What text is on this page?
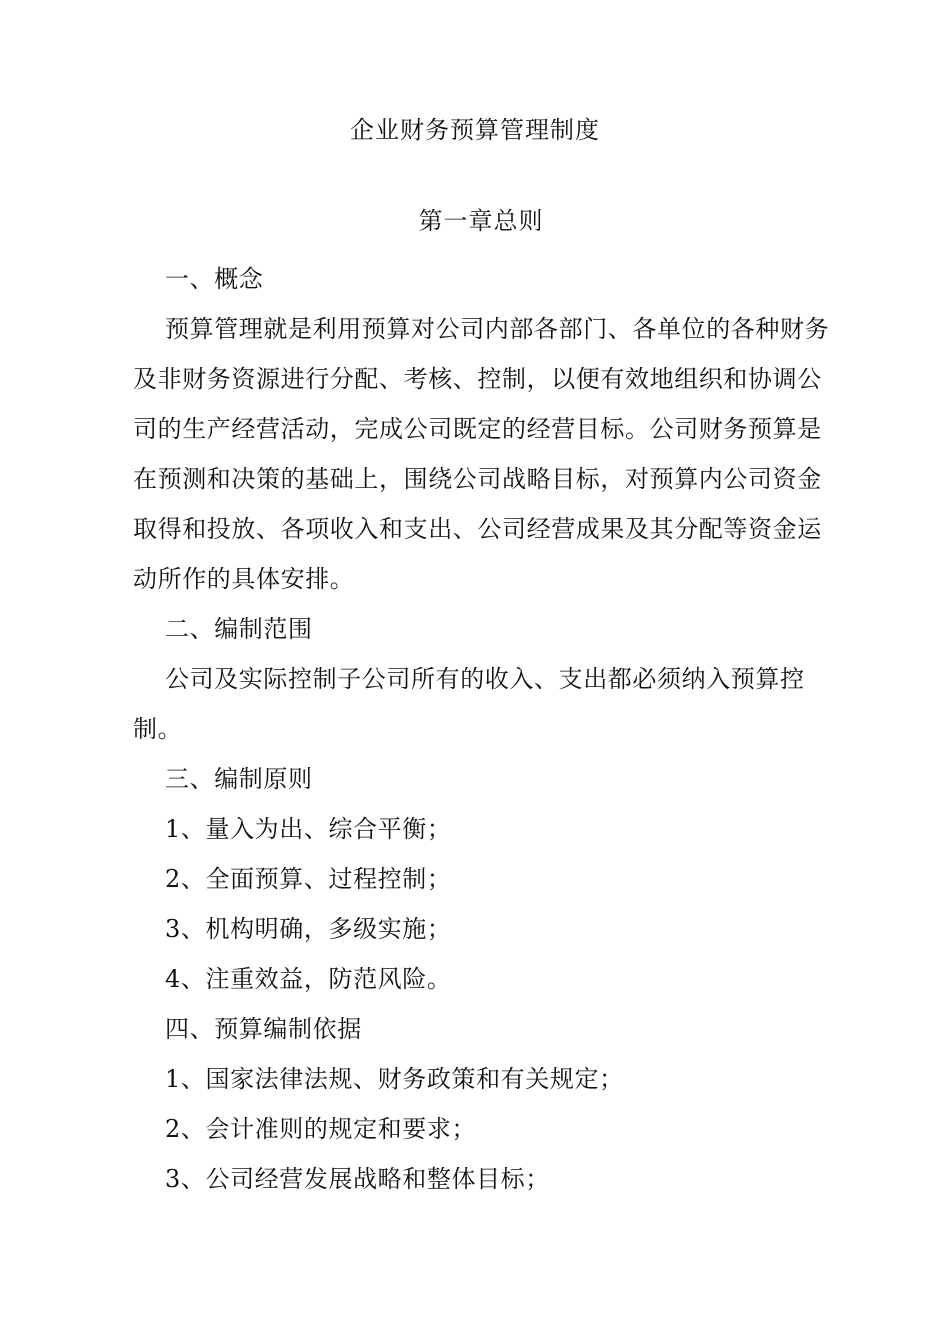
企业财务预算管理制度
第一章总则

一、概念

预算管理就是利用预算对公司内部各部门、各单位的各种财务及非财务资源进行分配、考核、控制，以便有效地组织和协调公司的生产经营活动，完成公司既定的经营目标。公司财务预算是在预测和决策的基础上，围绕公司战略目标，对预算内公司资金取得和投放、各项收入和支出、公司经营成果及其分配等资金运动所作的具体安排。

二、编制范围

公司及实际控制子公司所有的收入、支出都必须纳入预算控制。

三、编制原则

1、量入为出、综合平衡；

2、全面预算、过程控制；

3、机构明确，多级实施；

4、注重效益，防范风险。

四、预算编制依据

1、国家法律法规、财务政策和有关规定；

2、会计准则的规定和要求；

3、公司经营发展战略和整体目标；
